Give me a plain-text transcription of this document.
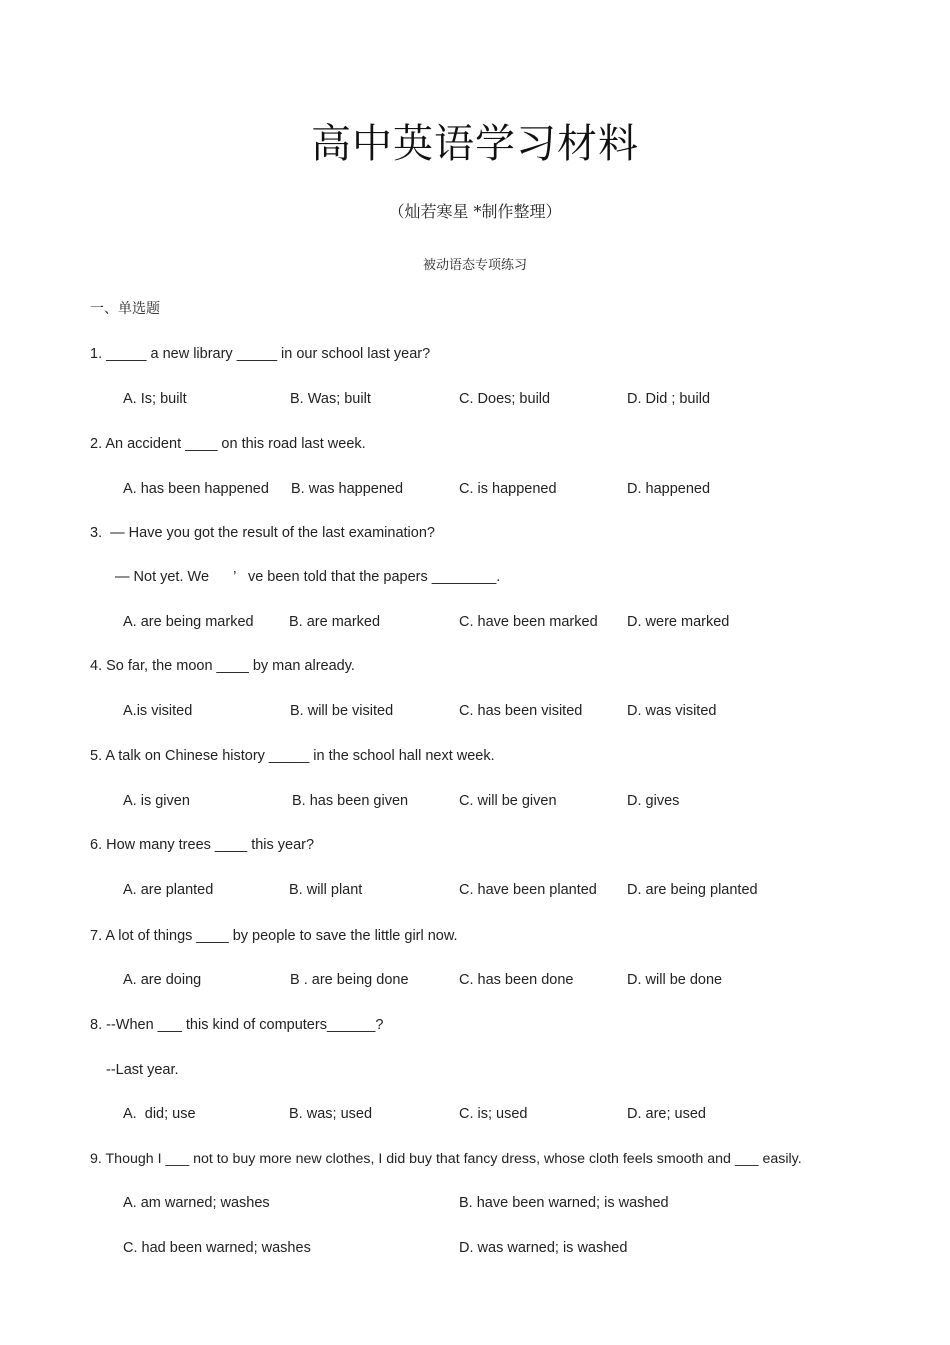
高中英语学习材料
（灿若寒星 *制作整理）
被动语态专项练习
一、单选题
1. _____ a new library _____ in our school last year?
A. Is; built	B. Was; built	C. Does; build	D. Did ; build
2. An accident ____ on this road last week.
A. has been happened B. was happened	C. is happened	D. happened
3.  — Have you got the result of the last examination?
— Not yet. We      ’   ve been told that the papers ________.
A. are being marked B. are marked	C. have been marked D. were marked
4. So far, the moon ____ by man already.
A.is visited	B. will be visited	C. has been visited	D. was visited
5. A talk on Chinese history _____ in the school hall next week.
A. is given	B. has been given	C. will be given	D. gives
6. How many trees ____ this year?
A. are planted	B. will plant	C. have been planted D. are being planted
7. A lot of things ____ by people to save the little girl now.
A. are doing	B . are being done	C. has been done	D. will be done
8. --When ___ this kind of computers______?
--Last year.
A.  did; use	B. was; used	C. is; used	D. are; used
9. Though I ___ not to buy more new clothes, I did buy that fancy dress, whose cloth feels smooth and ___ easily.
A. am warned; washes	B. have been warned; is washed
C. had been warned; washes	D. was warned; is washed
